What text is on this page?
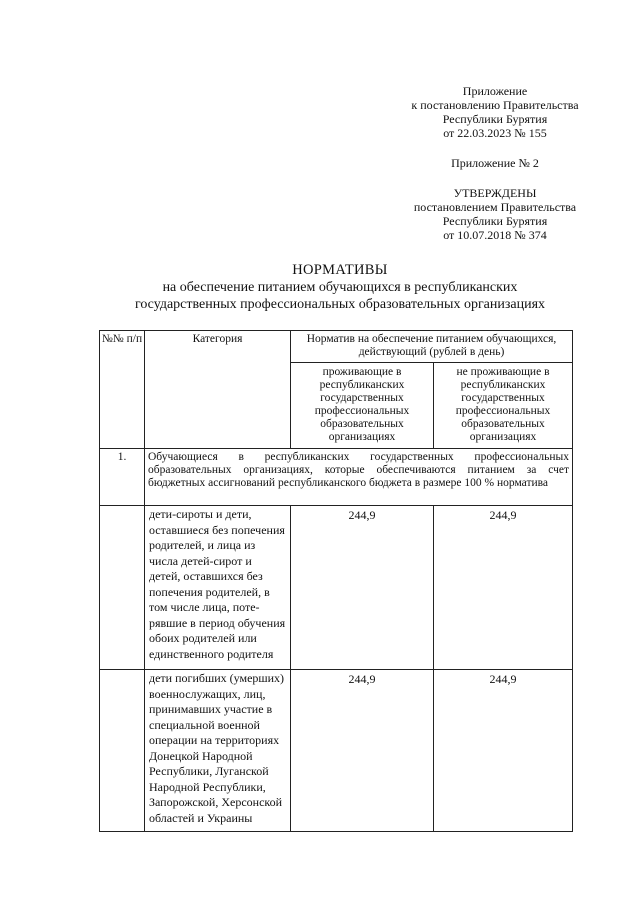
Приложение
к постановлению Правительства
Республики Бурятия
от 22.03.2023 № 155
Приложение № 2
УТВЕРЖДЕНЫ
постановлением Правительства
Республики Бурятия
от 10.07.2018 № 374
НОРМАТИВЫ
на обеспечение питанием обучающихся в республиканских
государственных профессиональных образовательных организациях
№№ п/п	Категория	Норматив на обеспечение питанием обучающихся, действующий (рублей в день)	
		проживающие в республиканских государственных профессиональных образовательных организациях	не проживающие в республиканских государственных профессиональных образовательных организациях
1.	Обучающиеся в республиканских государственных профессиональных образовательных организациях, которые обеспечиваются питанием за счет бюджетных ассигнований республиканского бюджета в размере 100 % норматива		
	дети-сироты и дети, оставшиеся без попечения родителей, и лица из числа детей-сирот и детей, оставшихся без попечения родителей, в том числе лица, потерявшие в период обучения обоих родителей или единственного родителя	244,9	244,9
	дети погибших (умерших) военнослужащих, лиц, принимавших участие в специальной военной операции на территориях Донецкой Народной Республики, Луганской Народной Республики, Запорожской, Херсонской областей и Украины	244,9	244,9
